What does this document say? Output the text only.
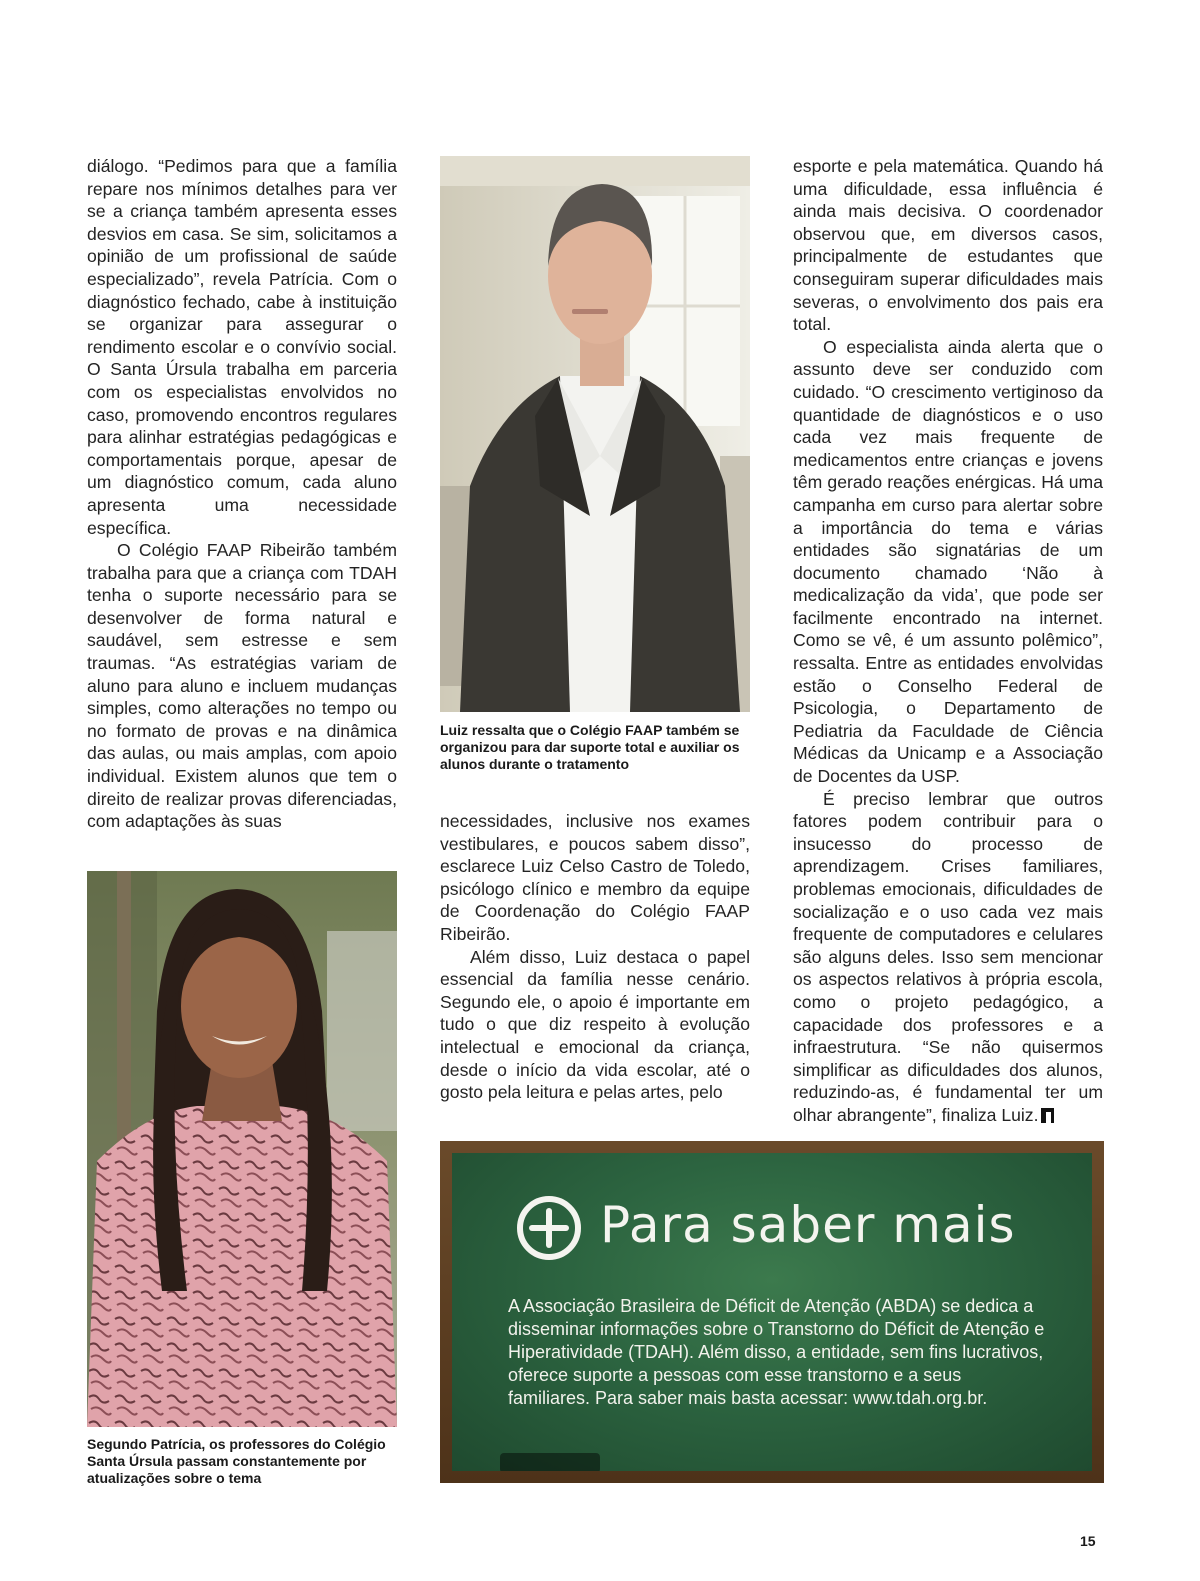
diálogo. “Pedimos para que a família repare nos mínimos detalhes para ver se a criança também apresenta esses desvios em casa. Se sim, solicitamos a opinião de um profissional de saúde especializado”, revela Patrícia. Com o diagnóstico fechado, cabe à instituição se organizar para assegurar o rendimento escolar e o convívio social. O Santa Úrsula trabalha em parceria com os especialistas envolvidos no caso, promovendo encontros regulares para alinhar estratégias pedagógicas e comportamentais porque, apesar de um diagnóstico comum, cada aluno apresenta uma necessidade específica.

O Colégio FAAP Ribeirão também trabalha para que a criança com TDAH tenha o suporte necessário para se desenvolver de forma natural e saudável, sem estresse e sem traumas. “As estratégias variam de aluno para aluno e incluem mudanças simples, como alterações no tempo ou no formato de provas e na dinâmica das aulas, ou mais amplas, com apoio individual. Existem alunos que tem o direito de realizar provas diferenciadas, com adaptações às suas

Luiz ressalta que o Colégio FAAP também se organizou para dar suporte total e auxiliar os alunos durante o tratamento

necessidades, inclusive nos exames vestibulares, e poucos sabem disso”, esclarece Luiz Celso Castro de Toledo, psicólogo clínico e membro da equipe de Coordenação do Colégio FAAP Ribeirão.

Além disso, Luiz destaca o papel essencial da família nesse cenário. Segundo ele, o apoio é importante em tudo o que diz respeito à evolução intelectual e emocional da criança, desde o início da vida escolar, até o gosto pela leitura e pelas artes, pelo

esporte e pela matemática. Quando há uma dificuldade, essa influência é ainda mais decisiva. O coordenador observou que, em diversos casos, principalmente de estudantes que conseguiram superar dificuldades mais severas, o envolvimento dos pais era total.

O especialista ainda alerta que o assunto deve ser conduzido com cuidado. “O crescimento vertiginoso da quantidade de diagnósticos e o uso cada vez mais frequente de medicamentos entre crianças e jovens têm gerado reações enérgicas. Há uma campanha em curso para alertar sobre a importância do tema e várias entidades são signatárias de um documento chamado ‘Não à medicalização da vida’, que pode ser facilmente encontrado na internet. Como se vê, é um assunto polêmico”, ressalta. Entre as entidades envolvidas estão o Conselho Federal de Psicologia, o Departamento de Pediatria da Faculdade de Ciência Médicas da Unicamp e a Associação de Docentes da USP.

É preciso lembrar que outros fatores podem contribuir para o insucesso do processo de aprendizagem. Crises familiares, problemas emocionais, dificuldades de socialização e o uso cada vez mais frequente de computadores e celulares são alguns deles. Isso sem mencionar os aspectos relativos à própria escola, como o projeto pedagógico, a capacidade dos professores e a infraestrutura. “Se não quisermos simplificar as dificuldades dos alunos, reduzindo-as, é fundamental ter um olhar abrangente”, finaliza Luiz.

Segundo Patrícia, os professores do Colégio Santa Úrsula passam constantemente por atualizações sobre o tema

Para saber mais

A Associação Brasileira de Déficit de Atenção (ABDA) se dedica a disseminar informações sobre o Transtorno do Déficit de Atenção e Hiperatividade (TDAH). Além disso, a entidade, sem fins lucrativos, oferece suporte a pessoas com esse transtorno e a seus familiares. Para saber mais basta acessar: www.tdah.org.br.

15
